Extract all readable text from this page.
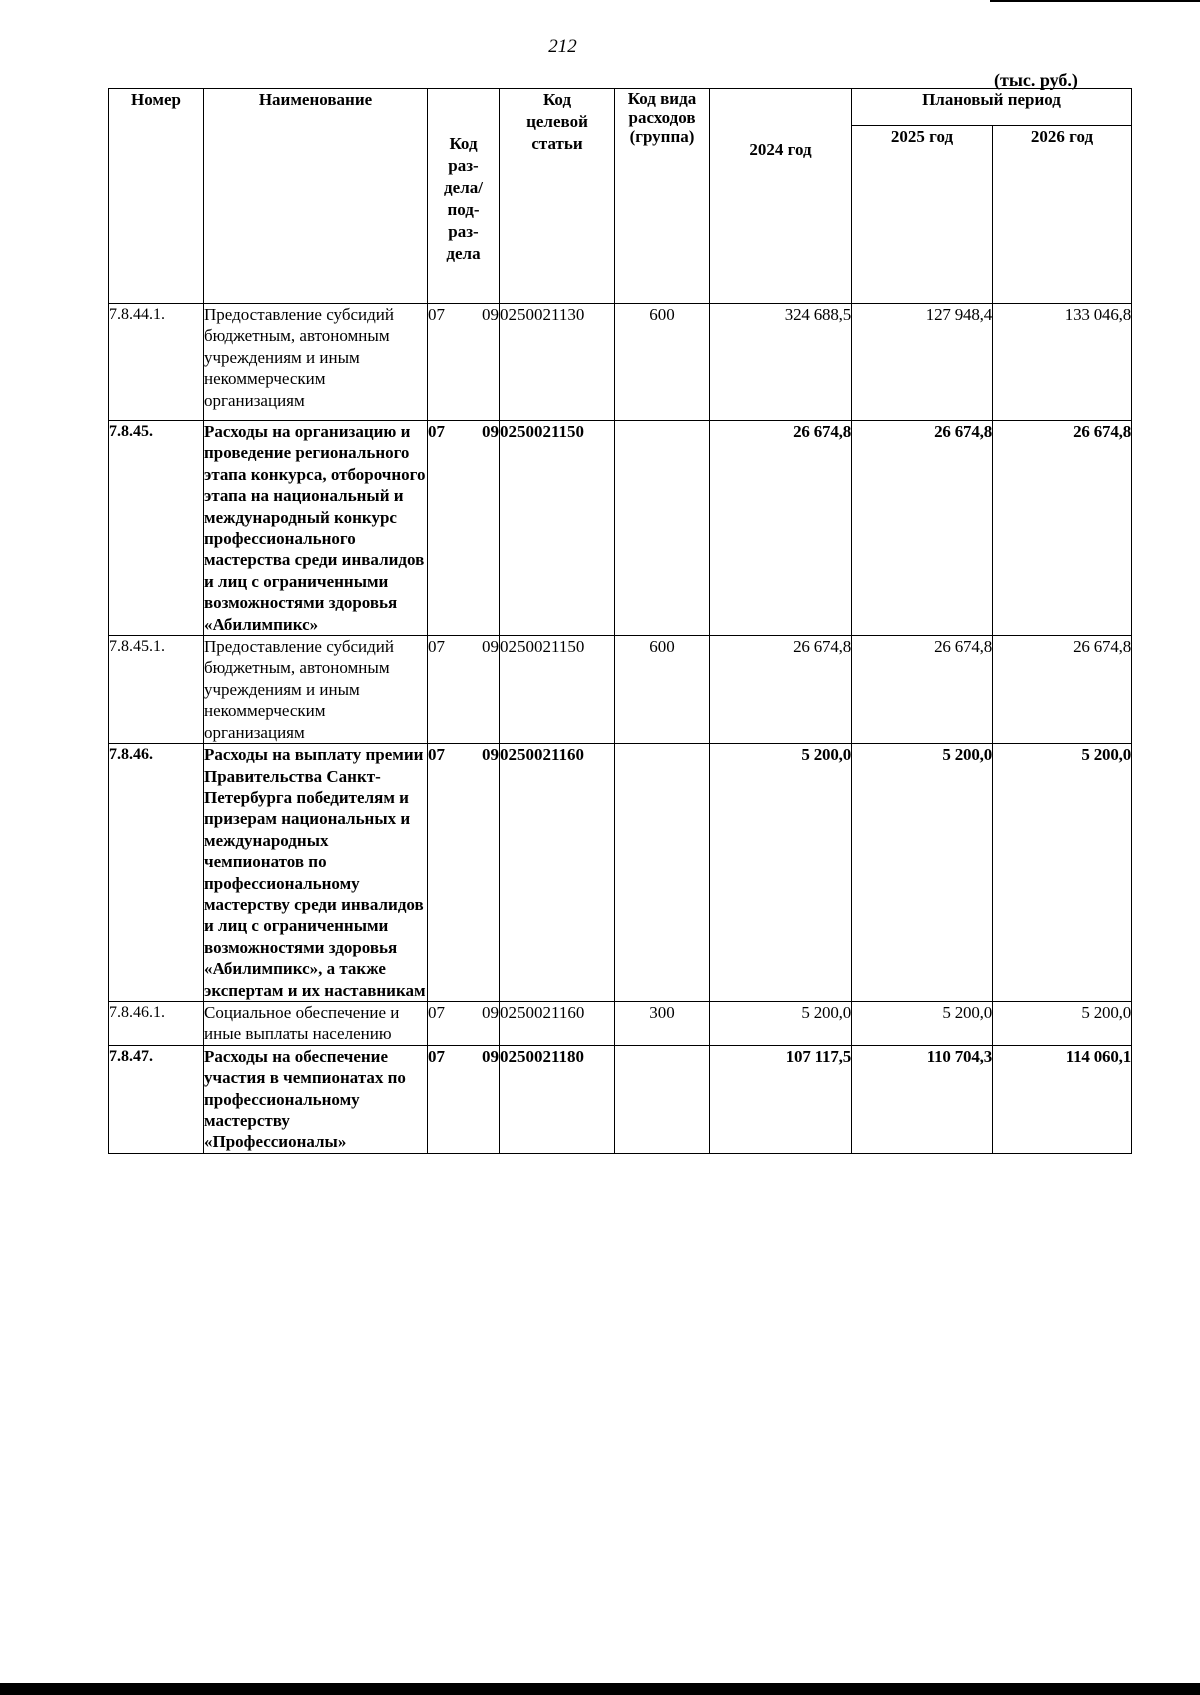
212
(тыс. руб.)
Номер	Наименование	Код раз- дела/ под- раз- дела	Код целевой статьи	Код вида расходов (группа)	2024 год	Плановый период	
						2025 год	2026 год
7.8.44.1.	Предоставление субсидий бюджетным, автономным учреждениям и иным некоммерческим организациям	07 09	0250021130	600	324 688,5	127 948,4	133 046,8
7.8.45.	Расходы на организацию и проведение регионального этапа конкурса, отборочного этапа на национальный и международный конкурс профессионального мастерства среди инвалидов и лиц с ограниченными возможностями здоровья «Абилимпикс»	07 09	0250021150		26 674,8	26 674,8	26 674,8
7.8.45.1.	Предоставление субсидий бюджетным, автономным учреждениям и иным некоммерческим организациям	07 09	0250021150	600	26 674,8	26 674,8	26 674,8
7.8.46.	Расходы на выплату премии Правительства Санкт-Петербурга победителям и призерам национальных и международных чемпионатов по профессиональному мастерству среди инвалидов и лиц с ограниченными возможностями здоровья «Абилимпикс», а также экспертам и их наставникам	07 09	0250021160		5 200,0	5 200,0	5 200,0
7.8.46.1.	Социальное обеспечение и иные выплаты населению	07 09	0250021160	300	5 200,0	5 200,0	5 200,0
7.8.47.	Расходы на обеспечение участия в чемпионатах по профессиональному мастерству «Профессионалы»	07 09	0250021180		107 117,5	110 704,3	114 060,1
